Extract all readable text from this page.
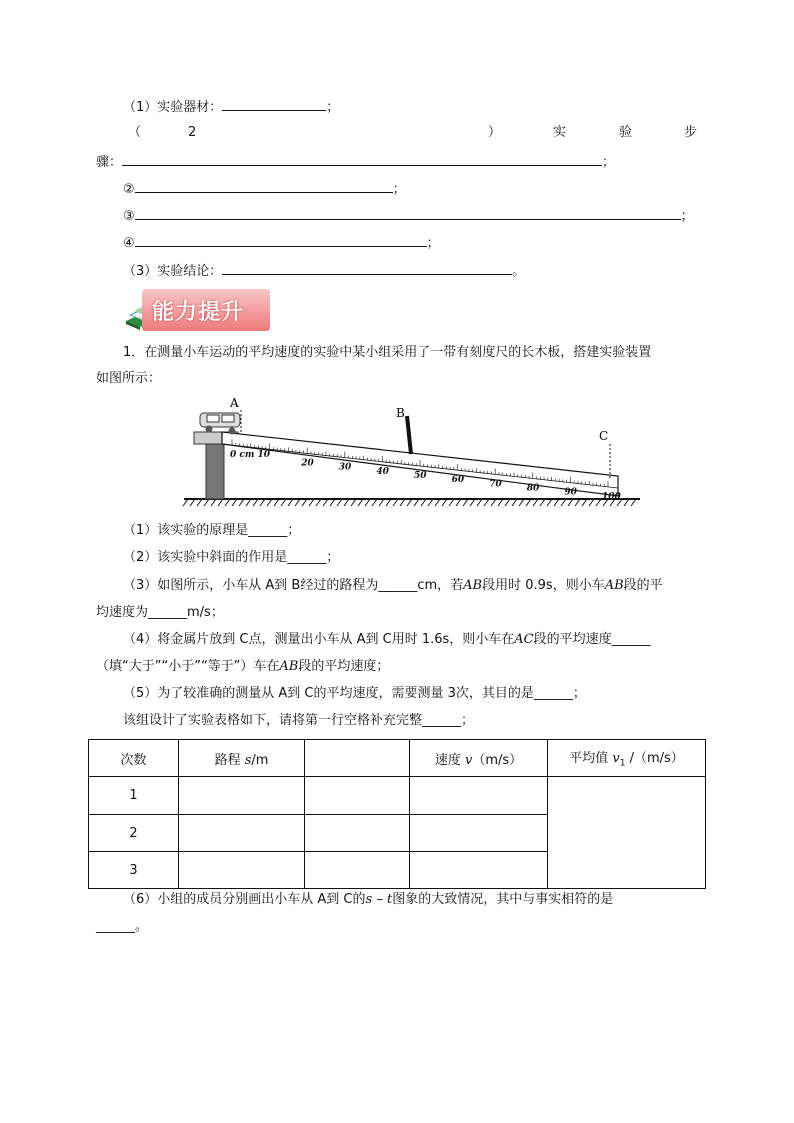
（1）实验器材：	；
（	2	）	实	验	步
骤：	；
②	；
③	；
④	；
（3）实验结论：	。
能力提升
1．在测量小车运动的平均速度的实验中某小组采用了一带有刻度尺的长木板，搭建实验装置
如图所示：
0 cm 10
20	30	40	50	60	70	80	90	100
A
B
C
（1）该实验的原理是______；
（2）该实验中斜面的作用是______；
（3）如图所示，小车从 A到 B经过的路程为______cm，若AB段用时 0.9s，则小车AB段的平
均速度为______m/s；
（4）将金属片放到 C点，测量出小车从 A到 C用时 1.6s，则小车在AC段的平均速度______
（填“大于”“小于”“等于”）车在AB段的平均速度；
（5）为了较准确的测量从 A到 C的平均速度，需要测量 3次，其目的是______；
该组设计了实验表格如下，请将第一行空格补充完整______；
次数	路程 s/m		速度 v（m/s）	平均值 $v_1$ /（m/s）
1				
2				
3				
（6）小组的成员分别画出小车从 A到 C的s – t图象的大致情况，其中与事实相符的是
______。
